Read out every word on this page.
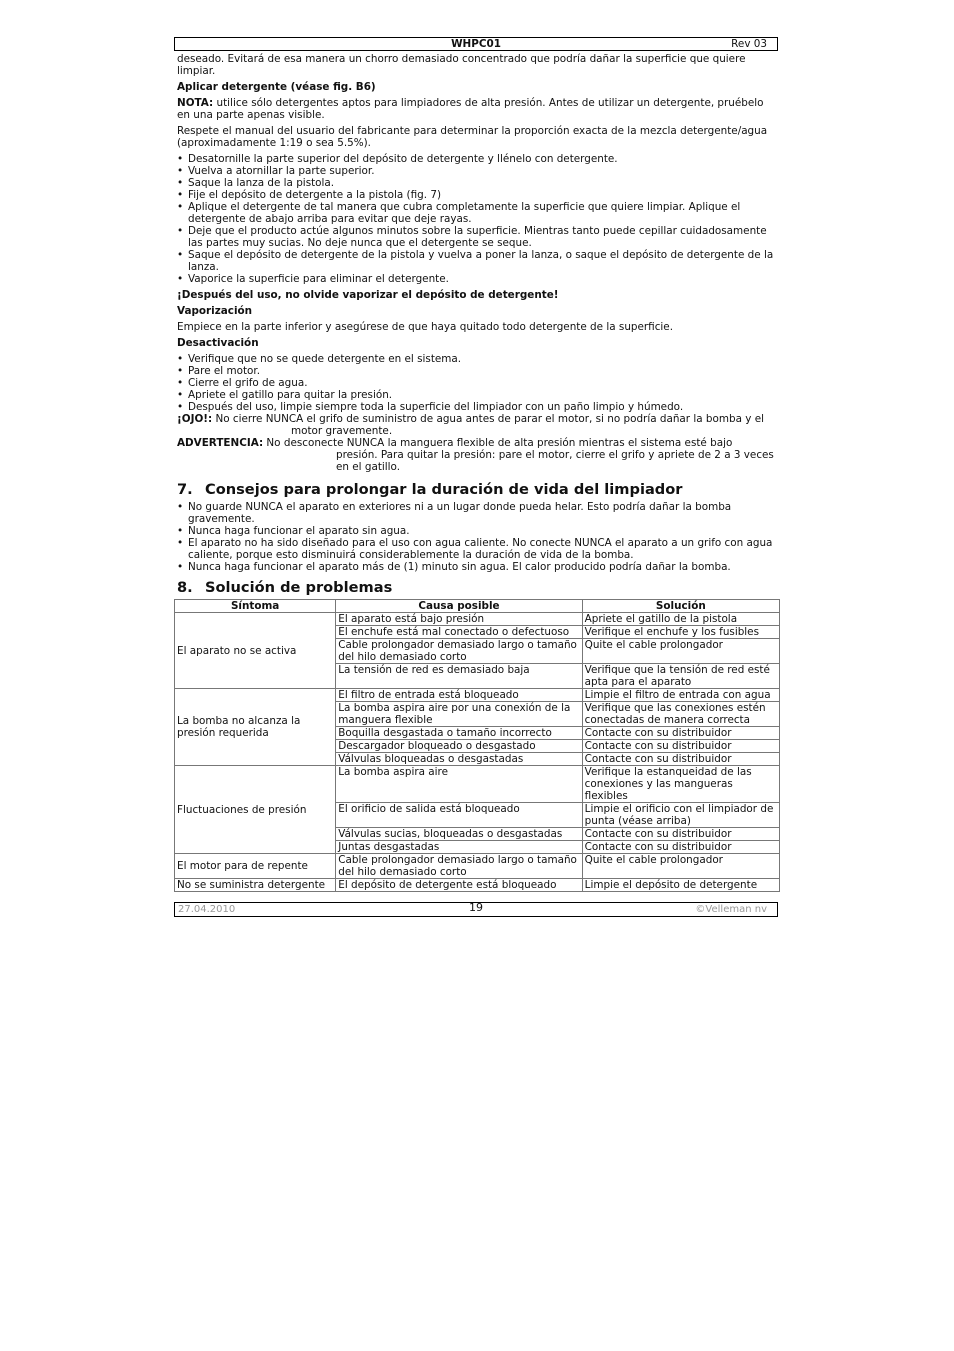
WHPC01	Rev 03

deseado. Evitará de esa manera un chorro demasiado concentrado que podría dañar la superficie que quiere limpiar.

Aplicar detergente (véase fig. B6)

NOTA: utilice sólo detergentes aptos para limpiadores de alta presión. Antes de utilizar un detergente, pruébelo en una parte apenas visible.

Respete el manual del usuario del fabricante para determinar la proporción exacta de la mezcla detergente/agua (aproximadamente 1:19 o sea 5.5%).

• Desatornille la parte superior del depósito de detergente y llénelo con detergente.
• Vuelva a atornillar la parte superior.
• Saque la lanza de la pistola.
• Fije el depósito de detergente a la pistola (fig. 7)
• Aplique el detergente de tal manera que cubra completamente la superficie que quiere limpiar. Aplique el detergente de abajo arriba para evitar que deje rayas.
• Deje que el producto actúe algunos minutos sobre la superficie. Mientras tanto puede cepillar cuidadosamente las partes muy sucias. No deje nunca que el detergente se seque.
• Saque el depósito de detergente de la pistola y vuelva a poner la lanza, o saque el depósito de detergente de la lanza.
• Vaporice la superficie para eliminar el detergente.

¡Después del uso, no olvide vaporizar el depósito de detergente!

Vaporización

Empiece en la parte inferior y asegúrese de que haya quitado todo detergente de la superficie.

Desactivación

• Verifique que no se quede detergente en el sistema.
• Pare el motor.
• Cierre el grifo de agua.
• Apriete el gatillo para quitar la presión.
• Después del uso, limpie siempre toda la superficie del limpiador con un paño limpio y húmedo.

¡OJO!: No cierre NUNCA el grifo de suministro de agua antes de parar el motor, si no podría dañar la bomba y el motor gravemente.

ADVERTENCIA: No desconecte NUNCA la manguera flexible de alta presión mientras el sistema esté bajo presión. Para quitar la presión: pare el motor, cierre el grifo y apriete de 2 a 3 veces en el gatillo.

7. Consejos para prolongar la duración de vida del limpiador
• No guarde NUNCA el aparato en exteriores ni a un lugar donde pueda helar. Esto podría dañar la bomba gravemente.
• Nunca haga funcionar el aparato sin agua.
• El aparato no ha sido diseñado para el uso con agua caliente. No conecte NUNCA el aparato a un grifo con agua caliente, porque esto disminuirá considerablemente la duración de vida de la bomba.
• Nunca haga funcionar el aparato más de (1) minuto sin agua. El calor producido podría dañar la bomba.
8. Solución de problemas
Síntoma	Causa posible	Solución
El aparato no se activa	El aparato está bajo presión	Apriete el gatillo de la pistola
	El enchufe está mal conectado o defectuoso	Verifique el enchufe y los fusibles
	Cable prolongador demasiado largo o tamaño del hilo demasiado corto	Quite el cable prolongador
	La tensión de red es demasiado baja	Verifique que la tensión de red esté apta para el aparato
La bomba no alcanza la presión requerida	El filtro de entrada está bloqueado	Limpie el filtro de entrada con agua
	La bomba aspira aire por una conexión de la manguera flexible	Verifique que las conexiones estén conectadas de manera correcta
	Boquilla desgastada o tamaño incorrecto	Contacte con su distribuidor
	Descargador bloqueado o desgastado	Contacte con su distribuidor
	Válvulas bloqueadas o desgastadas	Contacte con su distribuidor
Fluctuaciones de presión	La bomba aspira aire	Verifique la estanqueidad de las conexiones y las mangueras flexibles
	El orificio de salida está bloqueado	Limpie el orificio con el limpiador de punta (véase arriba)
	Válvulas sucias, bloqueadas o desgastadas	Contacte con su distribuidor
	Juntas desgastadas	Contacte con su distribuidor
El motor para de repente	Cable prolongador demasiado largo o tamaño del hilo demasiado corto	Quite el cable prolongador
No se suministra detergente	El depósito de detergente está bloqueado	Limpie el depósito de detergente
27.04.2010	19	©Velleman nv
